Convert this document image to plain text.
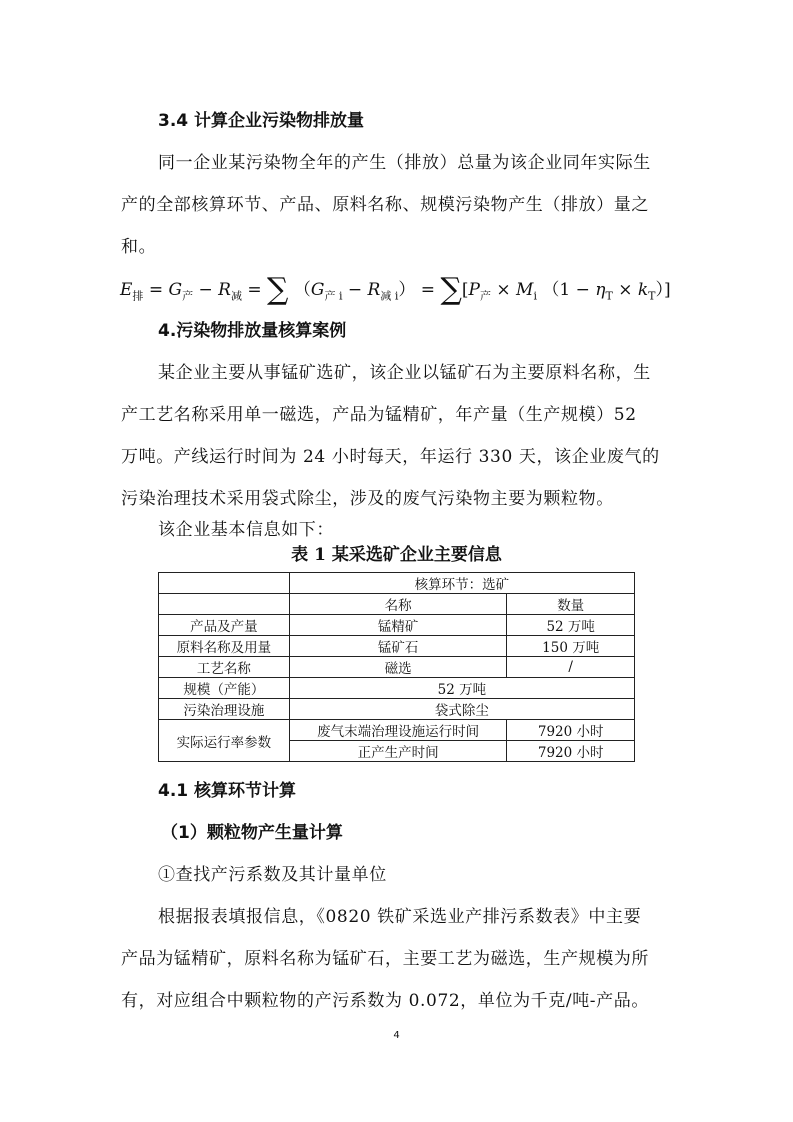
3.4 计算企业污染物排放量
同一企业某污染物全年的产生（排放）总量为该企业同年实际生
产的全部核算环节、产品、原料名称、规模污染物产生（排放）量之
和。
$E_排 = G_产 - R_减$ = ∑ $(G_{产 i} - R_{减 i}) = \sum[P_产 \times M_i$ $(1 - \eta_T \times k_T)$]
4.污染物排放量核算案例
某企业主要从事锰矿选矿，该企业以锰矿石为主要原料名称，生
产工艺名称采用单一磁选，产品为锰精矿，年产量（生产规模）52
万吨。产线运行时间为 24 小时每天，年运行 330 天，该企业废气的
污染治理技术采用袋式除尘，涉及的废气污染物主要为颗粒物。
该企业基本信息如下：
表 1 某采选矿企业主要信息
	核算环节：选矿	
	名称	数量
产品及产量	锰精矿	52 万吨
原料名称及用量	锰矿石	150 万吨
工艺名称	磁选	/
规模（产能）	52 万吨	
污染治理设施	袋式除尘	
实际运行率参数	废气末端治理设施运行时间	7920 小时
	正产生产时间	7920 小时
4.1 核算环节计算
（1）颗粒物产生量计算
①查找产污系数及其计量单位
根据报表填报信息，《0820 铁矿采选业产排污系数表》中主要
产品为锰精矿，原料名称为锰矿石，主要工艺为磁选，生产规模为所
有，对应组合中颗粒物的产污系数为 0.072，单位为千克/吨-产品。
4
